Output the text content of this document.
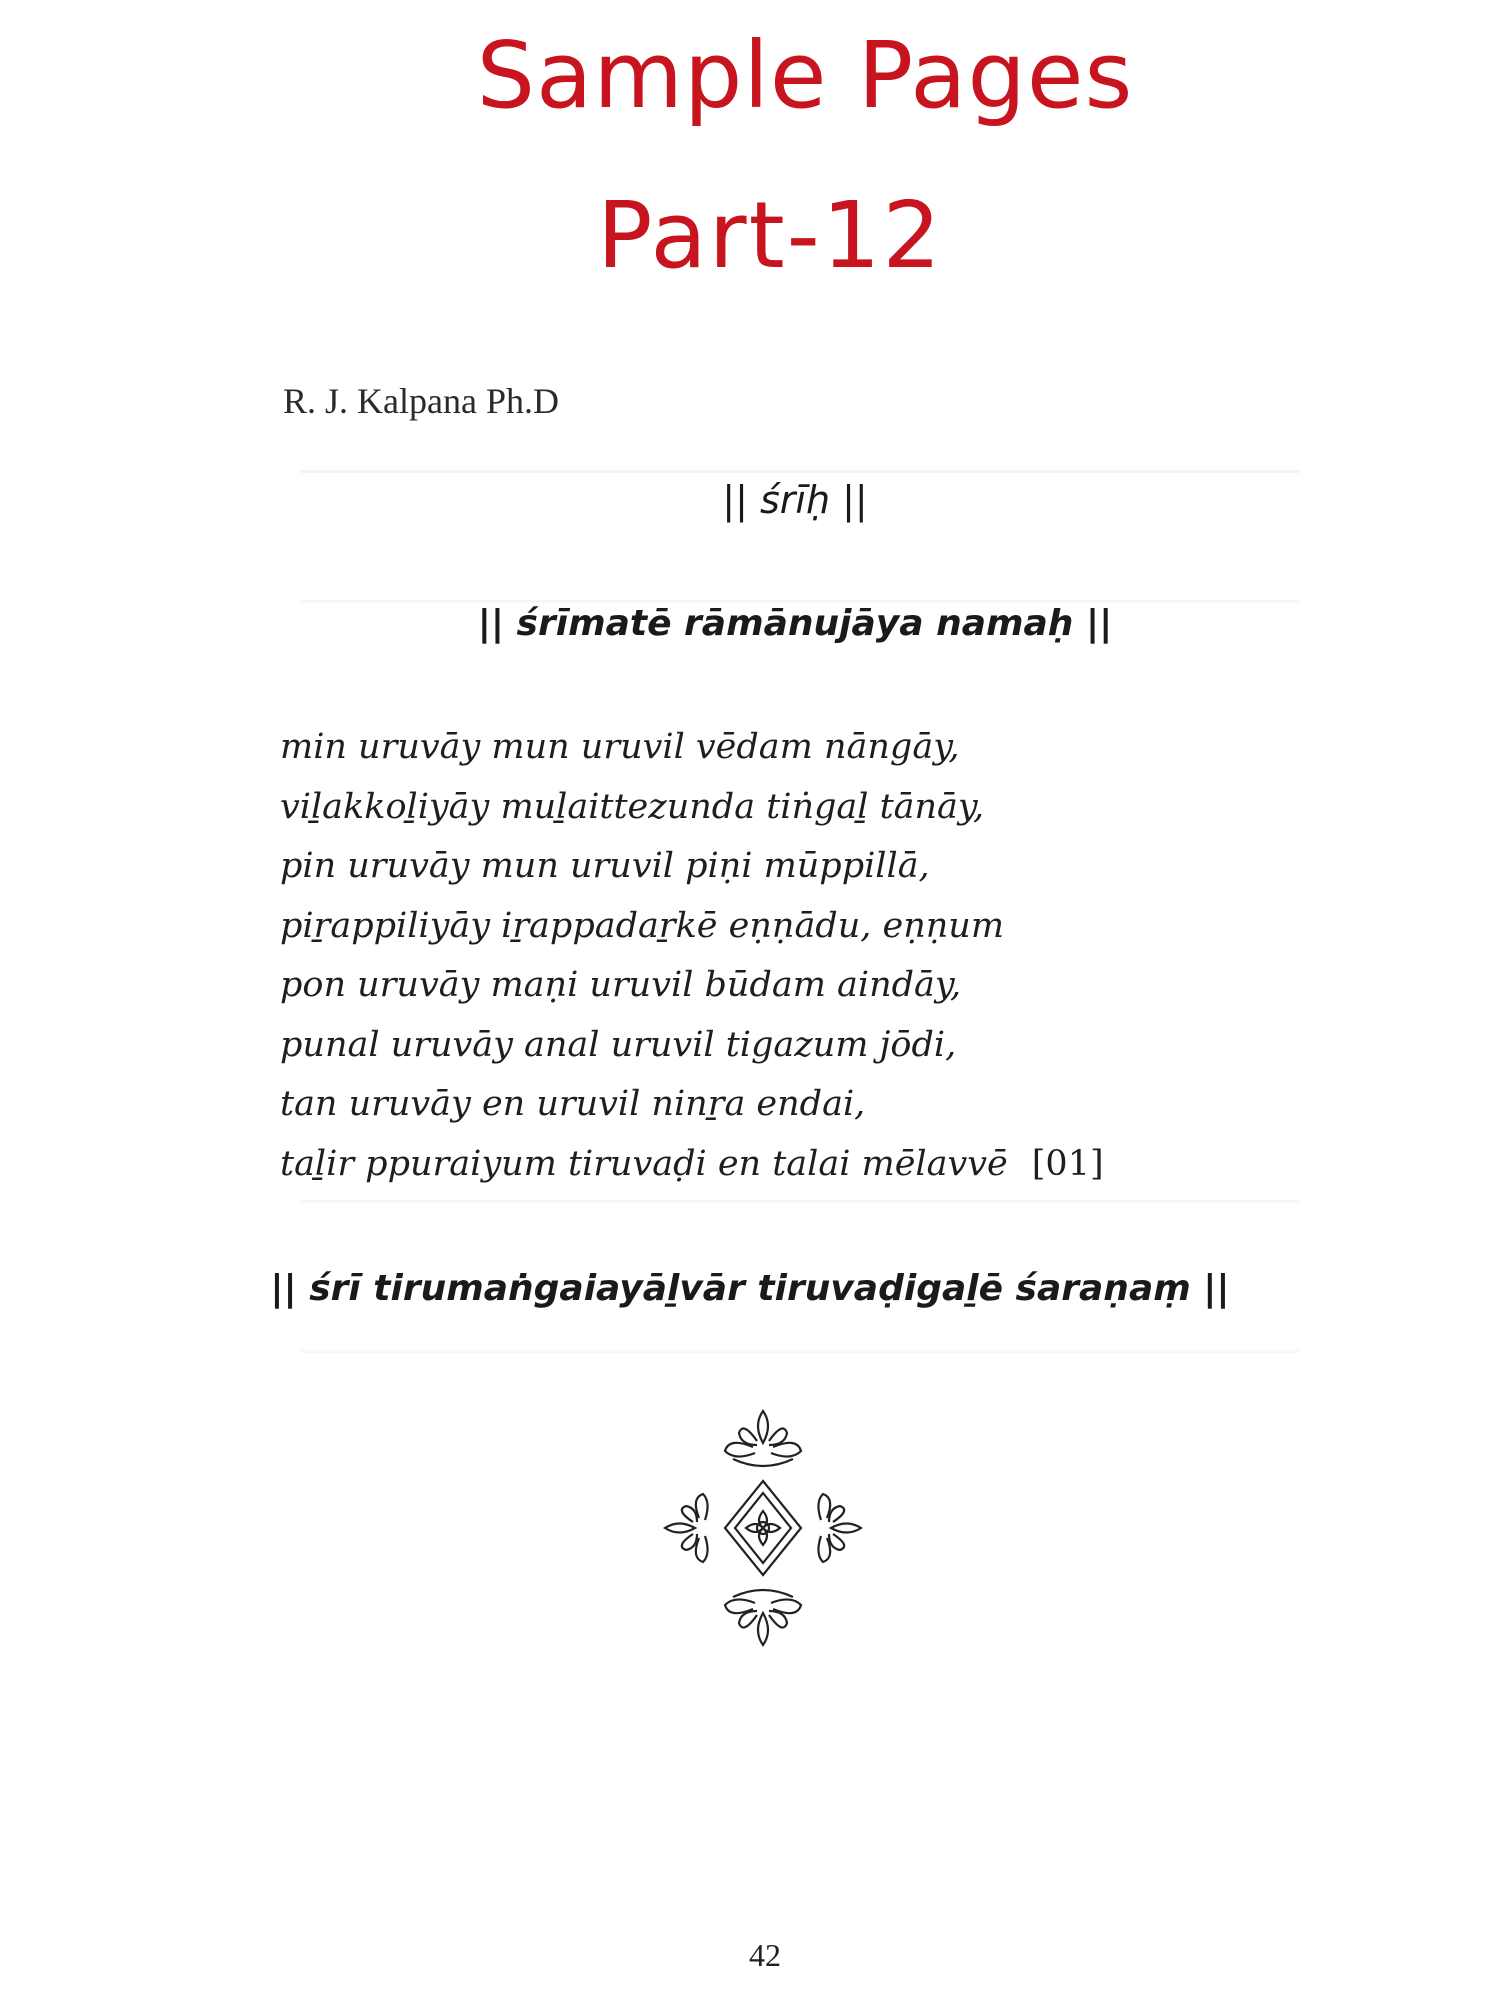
Sample Pages
Part-12
R. J. Kalpana Ph.D
|| śrīḥ ||
|| śrīmatē rāmānujāya namaḥ ||
min uruvāy mun uruvil vēdam nāngāy,
viḻakkoḻiyāy muḻaittezunda tiṅgaḻ tānāy,
pin uruvāy mun uruvil piṇi mūppillā,
piṟappiliyāy iṟappadaṟkē eṇṇādu, eṇṇum
pon uruvāy maṇi uruvil būdam aindāy,
punal uruvāy anal uruvil tigazum jōdi,
tan uruvāy en uruvil ninṟa endai,
taḻir ppuraiyum tiruvaḍi en talai mēlavvē [01]
|| śrī tirumaṅgaiayāḻvār tiruvaḍigaḻē śaraṇaṃ ||
42
